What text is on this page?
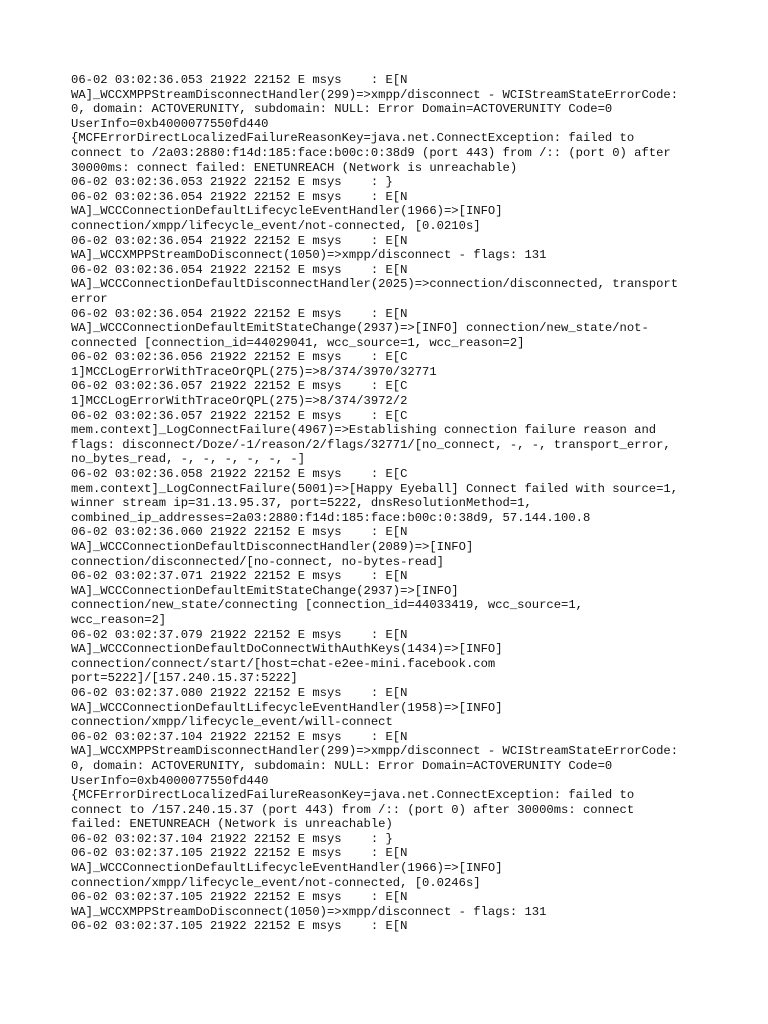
06-02 03:02:36.053 21922 22152 E msys    : E[N
WA]_WCCXMPPStreamDisconnectHandler(299)=>xmpp/disconnect - WCIStreamStateErrorCode:
0, domain: ACTOVERUNITY, subdomain: NULL: Error Domain=ACTOVERUNITY Code=0
UserInfo=0xb4000077550fd440
{MCFErrorDirectLocalizedFailureReasonKey=java.net.ConnectException: failed to
connect to /2a03:2880:f14d:185:face:b00c:0:38d9 (port 443) from /:: (port 0) after
30000ms: connect failed: ENETUNREACH (Network is unreachable)
06-02 03:02:36.053 21922 22152 E msys    : }
06-02 03:02:36.054 21922 22152 E msys    : E[N
WA]_WCCConnectionDefaultLifecycleEventHandler(1966)=>[INFO]
connection/xmpp/lifecycle_event/not-connected, [0.0210s]
06-02 03:02:36.054 21922 22152 E msys    : E[N
WA]_WCCXMPPStreamDoDisconnect(1050)=>xmpp/disconnect - flags: 131
06-02 03:02:36.054 21922 22152 E msys    : E[N
WA]_WCCConnectionDefaultDisconnectHandler(2025)=>connection/disconnected, transport
error
06-02 03:02:36.054 21922 22152 E msys    : E[N
WA]_WCCConnectionDefaultEmitStateChange(2937)=>[INFO] connection/new_state/not-
connected [connection_id=44029041, wcc_source=1, wcc_reason=2]
06-02 03:02:36.056 21922 22152 E msys    : E[C
1]MCCLogErrorWithTraceOrQPL(275)=>8/374/3970/32771
06-02 03:02:36.057 21922 22152 E msys    : E[C
1]MCCLogErrorWithTraceOrQPL(275)=>8/374/3972/2
06-02 03:02:36.057 21922 22152 E msys    : E[C
mem.context]_LogConnectFailure(4967)=>Establishing connection failure reason and
flags: disconnect/Doze/-1/reason/2/flags/32771/[no_connect, -, -, transport_error,
no_bytes_read, -, -, -, -, -, -]
06-02 03:02:36.058 21922 22152 E msys    : E[C
mem.context]_LogConnectFailure(5001)=>[Happy Eyeball] Connect failed with source=1,
winner stream ip=31.13.95.37, port=5222, dnsResolutionMethod=1,
combined_ip_addresses=2a03:2880:f14d:185:face:b00c:0:38d9, 57.144.100.8
06-02 03:02:36.060 21922 22152 E msys    : E[N
WA]_WCCConnectionDefaultDisconnectHandler(2089)=>[INFO]
connection/disconnected/[no-connect, no-bytes-read]
06-02 03:02:37.071 21922 22152 E msys    : E[N
WA]_WCCConnectionDefaultEmitStateChange(2937)=>[INFO]
connection/new_state/connecting [connection_id=44033419, wcc_source=1,
wcc_reason=2]
06-02 03:02:37.079 21922 22152 E msys    : E[N
WA]_WCCConnectionDefaultDoConnectWithAuthKeys(1434)=>[INFO]
connection/connect/start/[host=chat-e2ee-mini.facebook.com
port=5222]/[157.240.15.37:5222]
06-02 03:02:37.080 21922 22152 E msys    : E[N
WA]_WCCConnectionDefaultLifecycleEventHandler(1958)=>[INFO]
connection/xmpp/lifecycle_event/will-connect
06-02 03:02:37.104 21922 22152 E msys    : E[N
WA]_WCCXMPPStreamDisconnectHandler(299)=>xmpp/disconnect - WCIStreamStateErrorCode:
0, domain: ACTOVERUNITY, subdomain: NULL: Error Domain=ACTOVERUNITY Code=0
UserInfo=0xb4000077550fd440
{MCFErrorDirectLocalizedFailureReasonKey=java.net.ConnectException: failed to
connect to /157.240.15.37 (port 443) from /:: (port 0) after 30000ms: connect
failed: ENETUNREACH (Network is unreachable)
06-02 03:02:37.104 21922 22152 E msys    : }
06-02 03:02:37.105 21922 22152 E msys    : E[N
WA]_WCCConnectionDefaultLifecycleEventHandler(1966)=>[INFO]
connection/xmpp/lifecycle_event/not-connected, [0.0246s]
06-02 03:02:37.105 21922 22152 E msys    : E[N
WA]_WCCXMPPStreamDoDisconnect(1050)=>xmpp/disconnect - flags: 131
06-02 03:02:37.105 21922 22152 E msys    : E[N
